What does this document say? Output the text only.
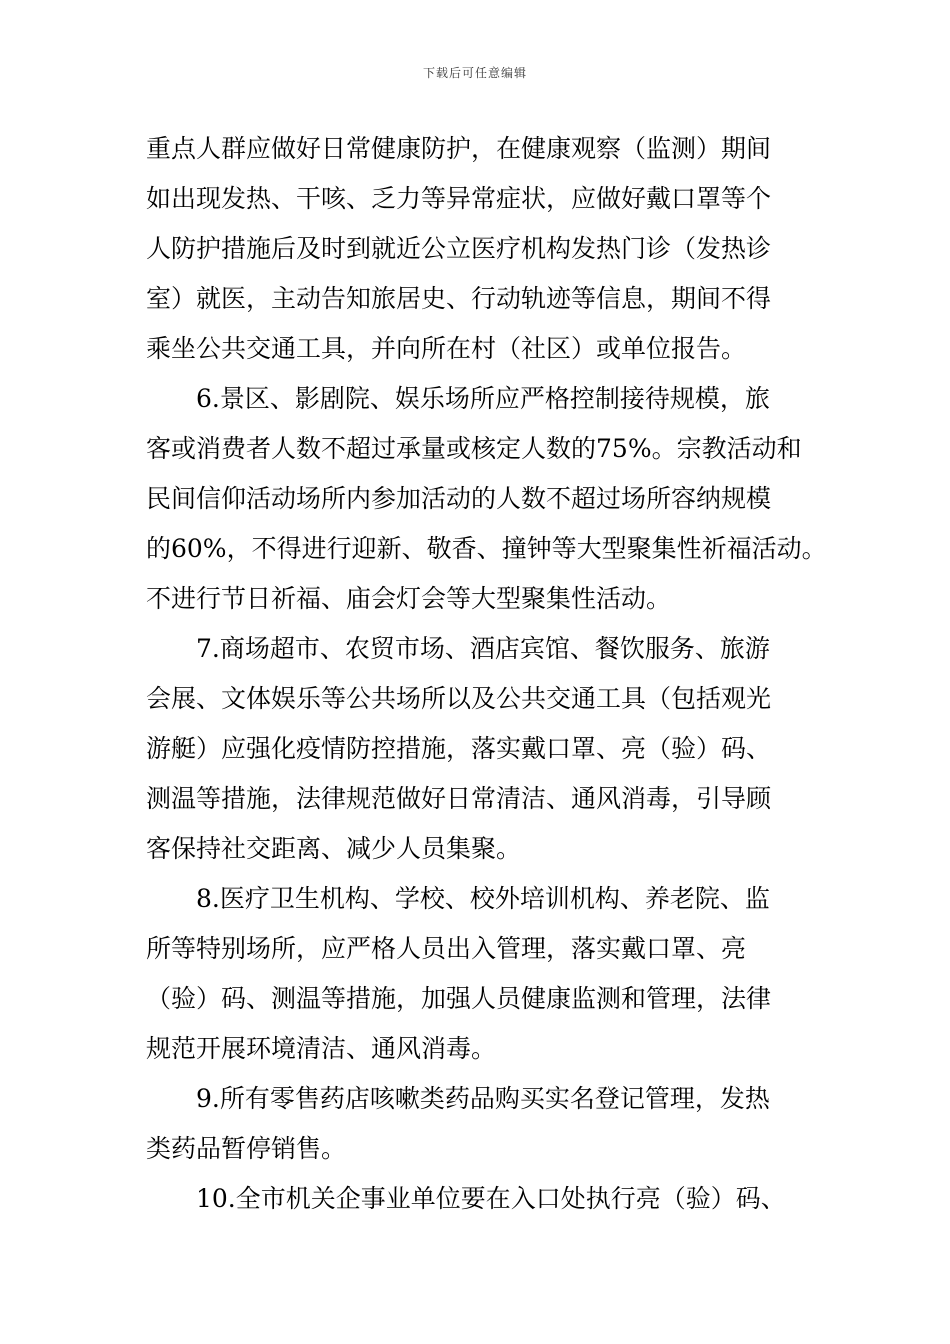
下载后可任意编辑
重点人群应做好日常健康防护，在健康观察（监测）期间
如出现发热、干咳、乏力等异常症状，应做好戴口罩等个
人防护措施后及时到就近公立医疗机构发热门诊（发热诊
室）就医，主动告知旅居史、行动轨迹等信息，期间不得
乘坐公共交通工具，并向所在村（社区）或单位报告。
6.景区、影剧院、娱乐场所应严格控制接待规模，旅
客或消费者人数不超过承量或核定人数的75%。宗教活动和
民间信仰活动场所内参加活动的人数不超过场所容纳规模
的60%，不得进行迎新、敬香、撞钟等大型聚集性祈福活动。
不进行节日祈福、庙会灯会等大型聚集性活动。
7.商场超市、农贸市场、酒店宾馆、餐饮服务、旅游
会展、文体娱乐等公共场所以及公共交通工具（包括观光
游艇）应强化疫情防控措施，落实戴口罩、亮（验）码、
测温等措施，法律规范做好日常清洁、通风消毒，引导顾
客保持社交距离、减少人员集聚。
8.医疗卫生机构、学校、校外培训机构、养老院、监
所等特别场所，应严格人员出入管理，落实戴口罩、亮
（验）码、测温等措施，加强人员健康监测和管理，法律
规范开展环境清洁、通风消毒。
9.所有零售药店咳嗽类药品购买实名登记管理，发热
类药品暂停销售。
10.全市机关企事业单位要在入口处执行亮（验）码、
